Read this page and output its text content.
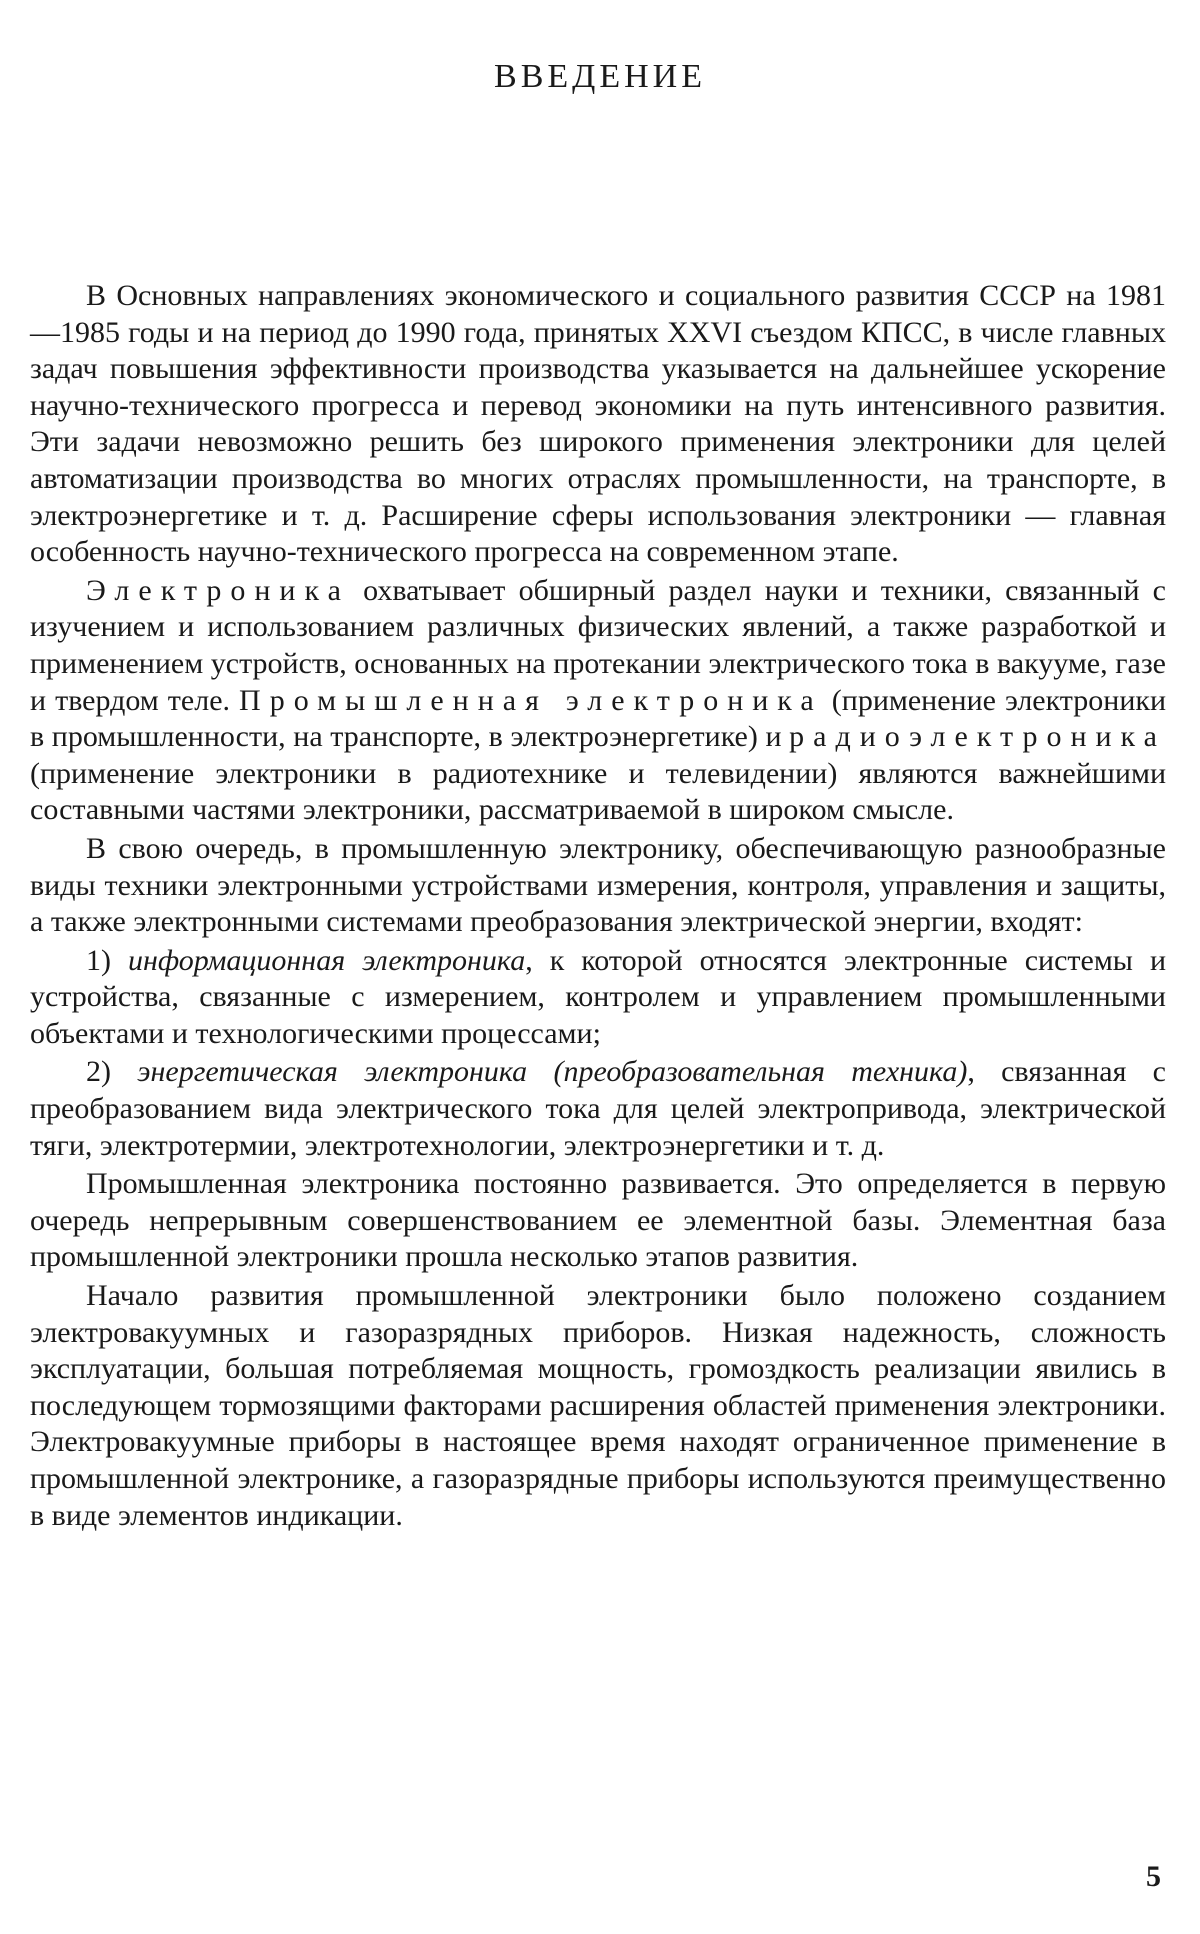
ВВЕДЕНИЕ

В Основных направлениях экономического и социального развития СССР на 1981—1985 годы и на период до 1990 года, принятых XXVI съездом КПСС, в числе главных задач повышения эффективности производства указывается на дальнейшее ускорение научно-технического прогресса и перевод экономики на путь интенсивного развития. Эти задачи невозможно решить без широкого применения электроники для целей автоматизации производства во многих отраслях промышленности, на транспорте, в электроэнергетике и т. д. Расширение сферы использования электроники — главная особенность научно-технического прогресса на современном этапе.

Электроника охватывает обширный раздел науки и техники, связанный с изучением и использованием различных физических явлений, а также разработкой и применением устройств, основанных на протекании электрического тока в вакууме, газе и твердом теле. Промышленная электроника (применение электроники в промышленности, на транспорте, в электроэнергетике) и радиоэлектроника (применение электроники в радиотехнике и телевидении) являются важнейшими составными частями электроники, рассматриваемой в широком смысле.

В свою очередь, в промышленную электронику, обеспечивающую разнообразные виды техники электронными устройствами измерения, контроля, управления и защиты, а также электронными системами преобразования электрической энергии, входят:

1) информационная электроника, к которой относятся электронные системы и устройства, связанные с измерением, контролем и управлением промышленными объектами и технологическими процессами;

2) энергетическая электроника (преобразовательная техника), связанная с преобразованием вида электрического тока для целей электропривода, электрической тяги, электротермии, электротехнологии, электроэнергетики и т. д.

Промышленная электроника постоянно развивается. Это определяется в первую очередь непрерывным совершенствованием ее элементной базы. Элементная база промышленной электроники прошла несколько этапов развития.

Начало развития промышленной электроники было положено созданием электровакуумных и газоразрядных приборов. Низкая надежность, сложность эксплуатации, большая потребляемая мощность, громоздкость реализации явились в последующем тормозящими факторами расширения областей применения электроники. Электровакуумные приборы в настоящее время находят ограниченное применение в промышленной электронике, а газоразрядные приборы используются преимущественно в виде элементов индикации.

5
